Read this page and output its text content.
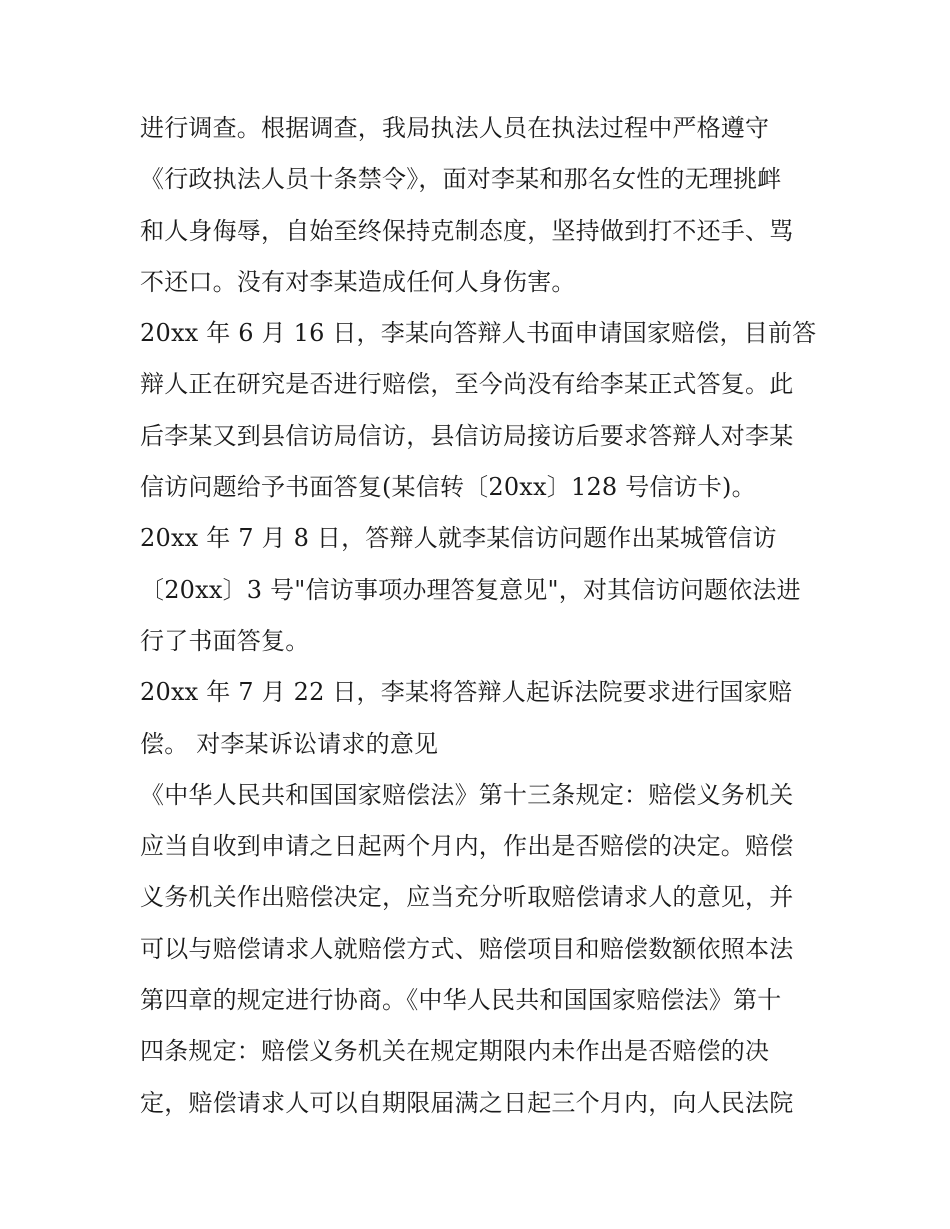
进行调查。根据调查，我局执法人员在执法过程中严格遵守
《行政执法人员十条禁令》，面对李某和那名女性的无理挑衅
和人身侮辱，自始至终保持克制态度，坚持做到打不还手、骂
不还口。没有对李某造成任何人身伤害。
20xx 年 6 月 16 日，李某向答辩人书面申请国家赔偿，目前答
辩人正在研究是否进行赔偿，至今尚没有给李某正式答复。此
后李某又到县信访局信访，县信访局接访后要求答辩人对李某
信访问题给予书面答复(某信转〔20xx〕128 号信访卡)。
20xx 年 7 月 8 日，答辩人就李某信访问题作出某城管信访
〔20xx〕3 号"信访事项办理答复意见"，对其信访问题依法进
行了书面答复。
20xx 年 7 月 22 日，李某将答辩人起诉法院要求进行国家赔
偿。 对李某诉讼请求的意见
《中华人民共和国国家赔偿法》第十三条规定：赔偿义务机关
应当自收到申请之日起两个月内，作出是否赔偿的决定。赔偿
义务机关作出赔偿决定，应当充分听取赔偿请求人的意见，并
可以与赔偿请求人就赔偿方式、赔偿项目和赔偿数额依照本法
第四章的规定进行协商。《中华人民共和国国家赔偿法》第十
四条规定：赔偿义务机关在规定期限内未作出是否赔偿的决
定，赔偿请求人可以自期限届满之日起三个月内，向人民法院
